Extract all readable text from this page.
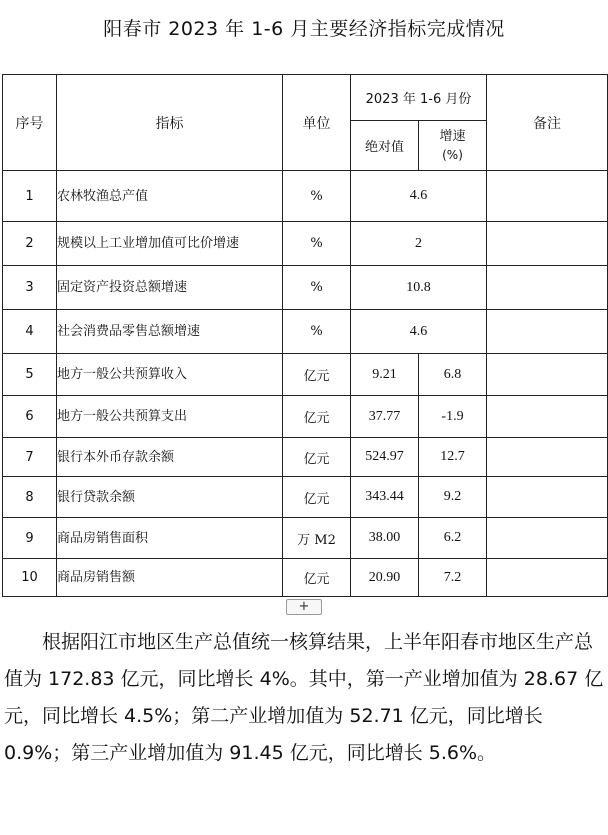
阳春市 2023 年 1-6 月主要经济指标完成情况
序号	指标	单位	2023 年 1-6 月份		备注
			绝对值	增速
(%)	

1	农林牧渔总产值	%	4.6		
2	规模以上工业增加值可比价增速	%	2		
3	固定资产投资总额增速	%	10.8		
4	社会消费品零售总额增速	%	4.6		
5	地方一般公共预算收入	亿元	9.21	6.8	
6	地方一般公共预算支出	亿元	37.77	-1.9	
7	银行本外币存款余额	亿元	524.97	12.7	
8	银行贷款余额	亿元	343.44	9.2	
9	商品房销售面积	万 M2	38.00	6.2	
10	商品房销售额	亿元	20.90	7.2	
+

根据阳江市地区生产总值统一核算结果，上半年阳春市地区生产总值为 172.83 亿元，同比增长 4%。其中，第一产业增加值为 28.67 亿元，同比增长 4.5%；第二产业增加值为 52.71 亿元，同比增长 0.9%；第三产业增加值为 91.45 亿元，同比增长 5.6%。
